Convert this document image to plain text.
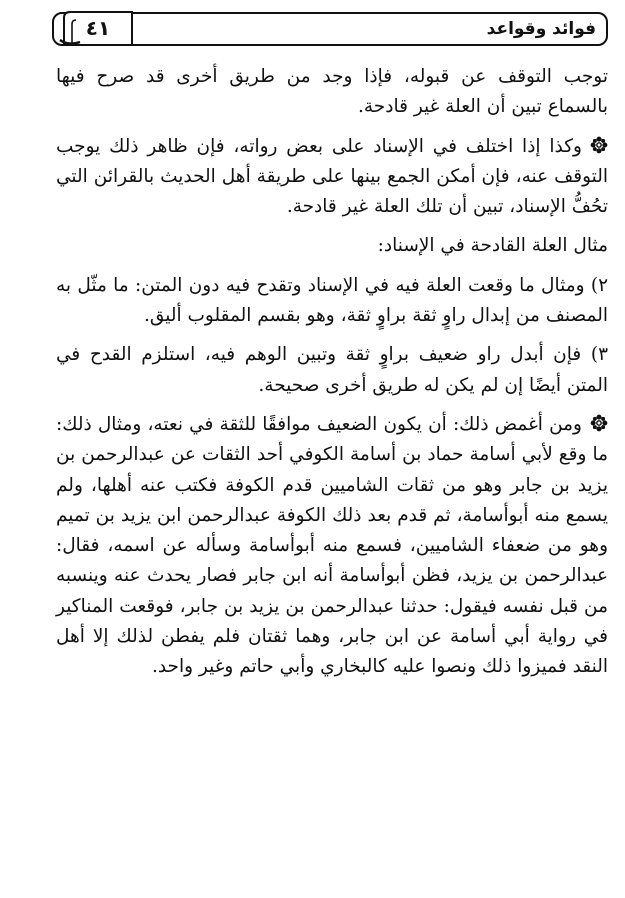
فوائد وقواعد
٤١

توجب التوقف عن قبوله، فإذا وجد من طريق أخرى قد صرح فيها بالسماع تبين أن العلة غير قادحة.

وكذا إذا اختلف في الإسناد على بعض رواته، فإن ظاهر ذلك يوجب التوقف عنه، فإن أمكن الجمع بينها على طريقة أهل الحديث بالقرائن التي تحُفُّ الإسناد، تبين أن تلك العلة غير قادحة.

مثال العلة القادحة في الإسناد:

٢) ومثال ما وقعت العلة فيه في الإسناد وتقدح فيه دون المتن: ما مثّل به المصنف من إبدال راوٍ ثقة براوٍ ثقة، وهو بقسم المقلوب أليق.

٣) فإن أبدل راو ضعيف براوٍ ثقة وتبين الوهم فيه، استلزم القدح في المتن أيضًا إن لم يكن له طريق أخرى صحيحة.

ومن أغمض ذلك: أن يكون الضعيف موافقًا للثقة في نعته، ومثال ذلك: ما وقع لأبي أسامة حماد بن أسامة الكوفي أحد الثقات عن عبدالرحمن بن يزيد بن جابر وهو من ثقات الشاميين قدم الكوفة فكتب عنه أهلها، ولم يسمع منه أبوأسامة، ثم قدم بعد ذلك الكوفة عبدالرحمن ابن يزيد بن تميم وهو من ضعفاء الشاميين، فسمع منه أبوأسامة وسأله عن اسمه، فقال: عبدالرحمن بن يزيد، فظن أبوأسامة أنه ابن جابر فصار يحدث عنه وينسبه من قبل نفسه فيقول: حدثنا عبدالرحمن بن يزيد بن جابر، فوقعت المناكير في رواية أبي أسامة عن ابن جابر، وهما ثقتان فلم يفطن لذلك إلا أهل النقد فميزوا ذلك ونصوا عليه كالبخاري وأبي حاتم وغير واحد.
